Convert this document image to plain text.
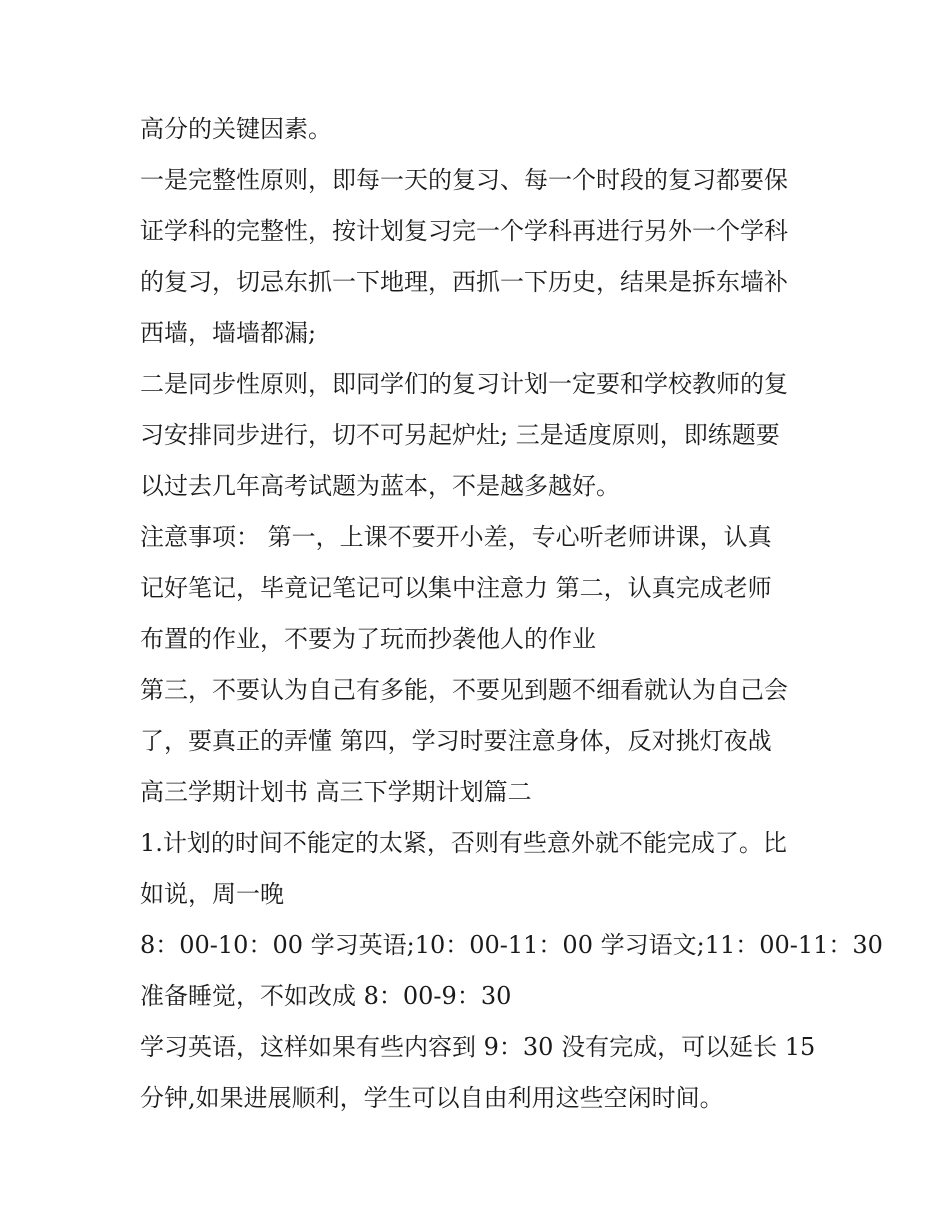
高分的关键因素。
一是完整性原则，即每一天的复习、每一个时段的复习都要保
证学科的完整性，按计划复习完一个学科再进行另外一个学科
的复习，切忌东抓一下地理，西抓一下历史，结果是拆东墙补
西墙，墙墙都漏;
二是同步性原则，即同学们的复习计划一定要和学校教师的复
习安排同步进行，切不可另起炉灶; 三是适度原则，即练题要
以过去几年高考试题为蓝本，不是越多越好。
注意事项： 第一，上课不要开小差，专心听老师讲课，认真
记好笔记，毕竟记笔记可以集中注意力 第二，认真完成老师
布置的作业，不要为了玩而抄袭他人的作业
第三，不要认为自己有多能，不要见到题不细看就认为自己会
了，要真正的弄懂 第四，学习时要注意身体，反对挑灯夜战
高三学期计划书 高三下学期计划篇二
1.计划的时间不能定的太紧，否则有些意外就不能完成了。比
如说，周一晚
8：00-10：00 学习英语;10：00-11：00 学习语文;11：00-11：30
准备睡觉，不如改成 8：00-9：30
学习英语，这样如果有些内容到 9：30 没有完成，可以延长 15
分钟,如果进展顺利，学生可以自由利用这些空闲时间。
